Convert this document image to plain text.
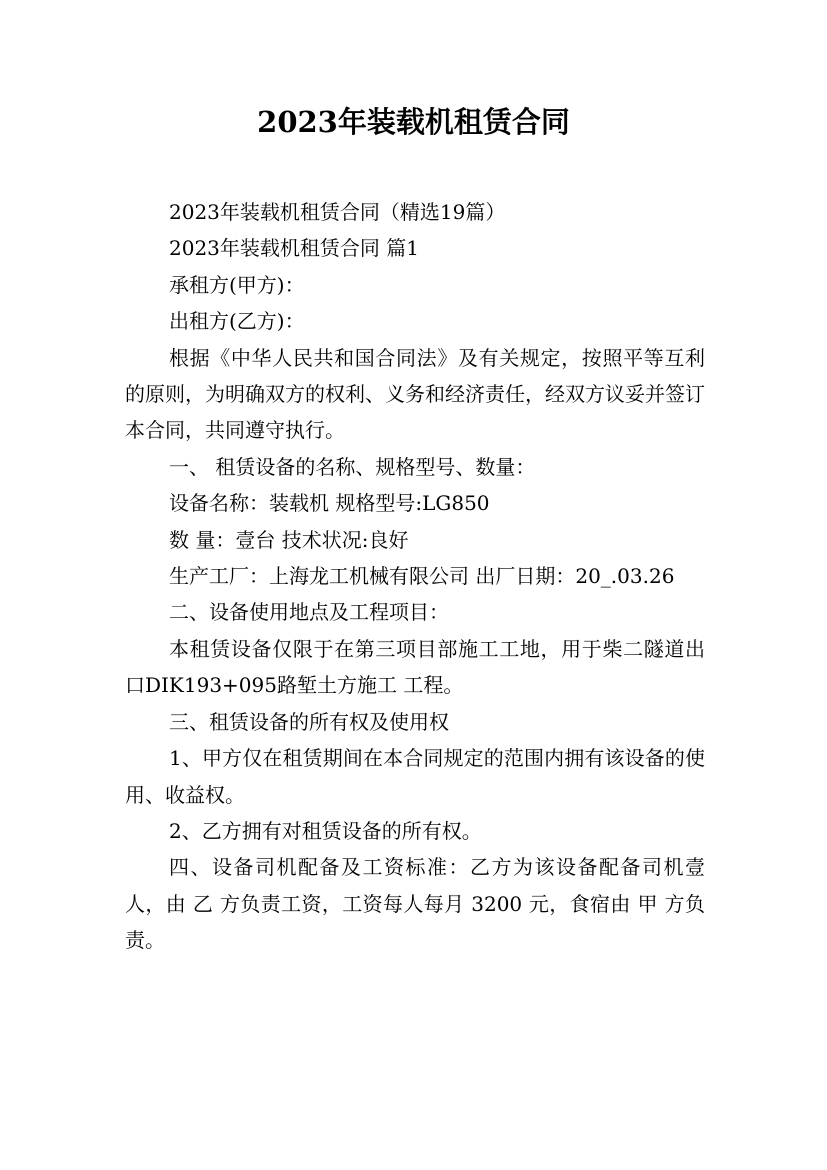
2023年装载机租赁合同

2023年装载机租赁合同（精选19篇）

2023年装载机租赁合同 篇1

承租方(甲方)：

出租方(乙方)：

根据《中华人民共和国合同法》及有关规定，按照平等互利的原则，为明确双方的权利、义务和经济责任，经双方议妥并签订本合同，共同遵守执行。

一、 租赁设备的名称、规格型号、数量：

设备名称：装载机 规格型号:LG850

数 量：壹台 技术状况:良好

生产工厂：上海龙工机械有限公司 出厂日期：20_.03.26

二、设备使用地点及工程项目：

本租赁设备仅限于在第三项目部施工工地，用于柴二隧道出口DIK193+095路堑土方施工 工程。

三、租赁设备的所有权及使用权

1、甲方仅在租赁期间在本合同规定的范围内拥有该设备的使用、收益权。

2、乙方拥有对租赁设备的所有权。

四、设备司机配备及工资标准：乙方为该设备配备司机壹 人，由 乙 方负责工资，工资每人每月 3200 元，食宿由 甲 方负责。
